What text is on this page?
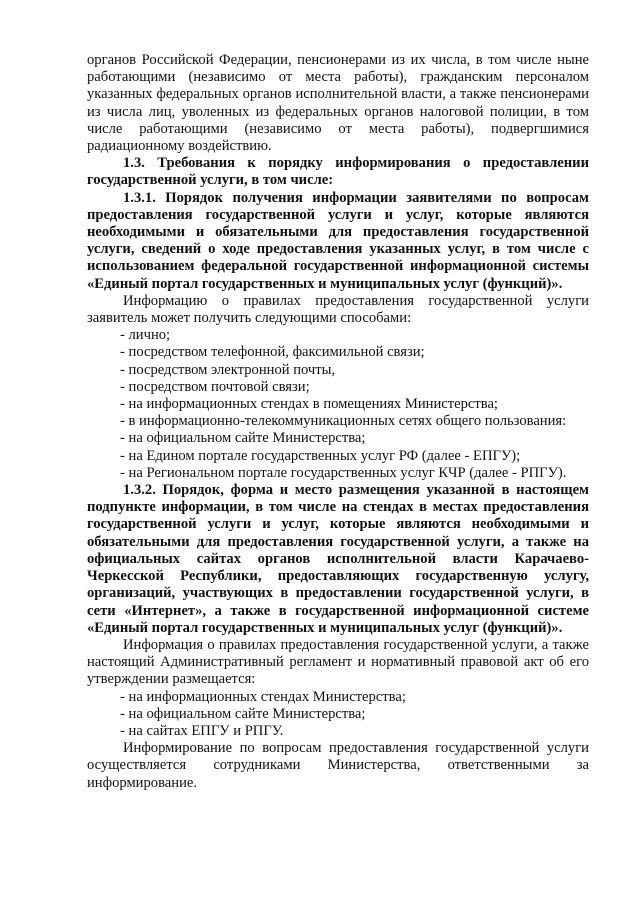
органов Российской Федерации, пенсионерами из их числа, в том числе ныне работающими (независимо от места работы), гражданским персоналом указанных федеральных органов исполнительной власти, а также пенсионерами из числа лиц, уволенных из федеральных органов налоговой полиции, в том числе работающими (независимо от места работы), подвергшимися радиационному воздействию.

1.3. Требования к порядку информирования о предоставлении государственной услуги, в том числе:

1.3.1. Порядок получения информации заявителями по вопросам предоставления государственной услуги и услуг, которые являются необходимыми и обязательными для предоставления государственной услуги, сведений о ходе предоставления указанных услуг, в том числе с использованием федеральной государственной информационной системы «Единый портал государственных и муниципальных услуг (функций)».

Информацию о правилах предоставления государственной услуги заявитель может получить следующими способами:

- лично;

- посредством телефонной, факсимильной связи;

- посредством электронной почты,

- посредством почтовой связи;

- на информационных стендах в помещениях Министерства;

- в информационно-телекоммуникационных сетях общего пользования:

- на официальном сайте Министерства;

- на Едином портале государственных услуг РФ (далее - ЕПГУ);

- на Региональном портале государственных услуг КЧР (далее - РПГУ).

1.3.2. Порядок, форма и место размещения указанной в настоящем подпункте информации, в том числе на стендах в местах предоставления государственной услуги и услуг, которые являются необходимыми и обязательными для предоставления государственной услуги, а также на официальных сайтах органов исполнительной власти Карачаево-Черкесской Республики, предоставляющих государственную услугу, организаций, участвующих в предоставлении государственной услуги, в сети «Интернет», а также в государственной информационной системе «Единый портал государственных и муниципальных услуг (функций)».

Информация о правилах предоставления государственной услуги, а также настоящий Административный регламент и нормативный правовой акт об его утверждении размещается:

- на информационных стендах Министерства;

- на официальном сайте Министерства;

- на сайтах ЕПГУ и РПГУ.

Информирование по вопросам предоставления государственной услуги осуществляется сотрудниками Министерства, ответственными за информирование.
